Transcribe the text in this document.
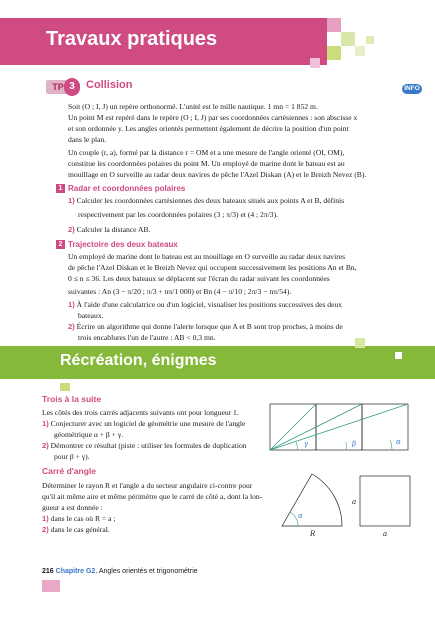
Travaux pratiques
TP 3	Collision	INFO
Soit (O ; I, J) un repère orthonormé. L'unité est le mille nautique. 1 mn = 1 852 m.
Un point M est repéré dans le repère (O ; I, J) par ses coordonnées cartésiennes : son abscisse x
et son ordonnée y. Les angles orientés permettent également de décrire la position d'un point
dans le plan.
Un couple (r, a), formé par la distance r = OM et a une mesure de l'angle orienté (OI, OM),
constitue les coordonnées polaires du point M. Un employé de marine dont le bateau est au
mouillage en O surveille au radar deux navires de pêche l'Azel Diskan (A) et le Breizh Nevez (B).
1 Radar et coordonnées polaires
1) Calculer les coordonnées cartésiennes des deux bateaux situés aux points A et B, définis
respectivement par les coordonnées polaires (3 ; π/3) et (4 ; 2π/3).
2) Calculer la distance AB.
2 Trajectoire des deux bateaux
Un employé de marine dont le bateau est au mouillage en O surveille au radar deux navires
de pêche l'Azel Diskan et le Breizh Nevez qui occupent successivement les positions An et Bn,
0 ≤ n ≤ 36. Les deux bateaux se déplacent sur l'écran du radar suivant les coordonnées
suivantes : An (3 − π/20 ; π/3 + nπ/1 000) et Bn (4 − π/10 ; 2π/3 − nπ/54).
1) À l'aide d'une calculatrice ou d'un logiciel, visualiser les positions successives des deux
bateaux.
2) Écrire un algorithme qui donne l'alerte lorsque que A et B sont trop proches, à moins de
trois encablures l'un de l'autre : AB < 0,3 mn.
Récréation, énigmes
Trois à la suite
Les côtés des trois carrés adjacents suivants ont pour longueur 1.
1) Conjecturer avec un logiciel de géométrie une mesure de l'angle
géométrique α + β + γ.
2) Démontrer ce résultat (piste : utiliser les formules de duplication
pour β + γ).
γ	β	α
Carré d'angle
Déterminer le rayon R et l'angle a du secteur angulaire ci-contre pour
qu'il ait même aire et même périmètre que le carré de côté a, dont la lon-
gueur a est donnée :
1) dans le cas où R = a ;
2) dans le cas général.
α
R
a
a
216 Chapitre G2. Angles orientés et trigonométrie
